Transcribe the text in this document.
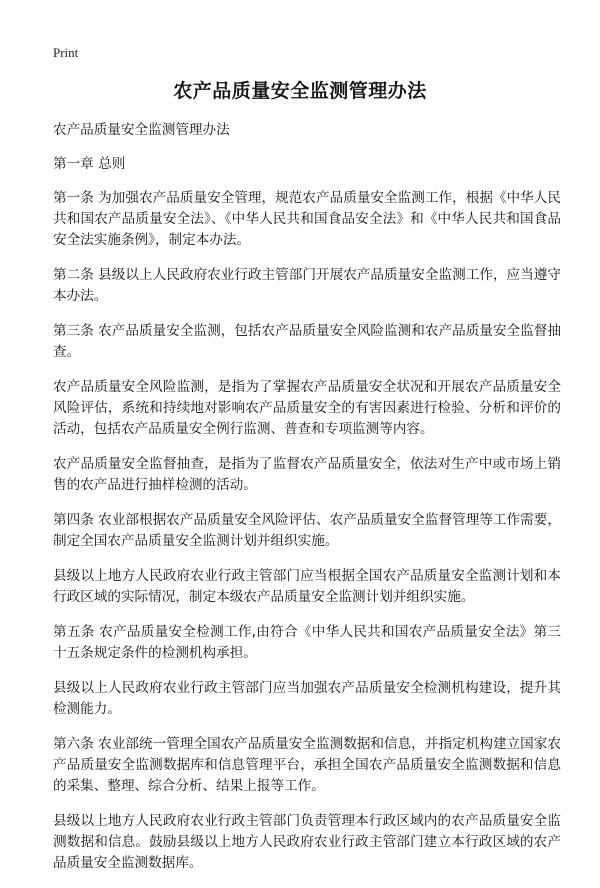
Print
农产品质量安全监测管理办法

农产品质量安全监测管理办法

第一章 总则

第一条 为加强农产品质量安全管理，规范农产品质量安全监测工作，根据《中华人民共和国农产品质量安全法》、《中华人民共和国食品安全法》和《中华人民共和国食品安全法实施条例》，制定本办法。

第二条 县级以上人民政府农业行政主管部门开展农产品质量安全监测工作，应当遵守本办法。

第三条 农产品质量安全监测，包括农产品质量安全风险监测和农产品质量安全监督抽查。

农产品质量安全风险监测，是指为了掌握农产品质量安全状况和开展农产品质量安全风险评估，系统和持续地对影响农产品质量安全的有害因素进行检验、分析和评价的活动，包括农产品质量安全例行监测、普查和专项监测等内容。

农产品质量安全监督抽查，是指为了监督农产品质量安全，依法对生产中或市场上销售的农产品进行抽样检测的活动。

第四条 农业部根据农产品质量安全风险评估、农产品质量安全监督管理等工作需要，制定全国农产品质量安全监测计划并组织实施。

县级以上地方人民政府农业行政主管部门应当根据全国农产品质量安全监测计划和本行政区域的实际情况，制定本级农产品质量安全监测计划并组织实施。

第五条 农产品质量安全检测工作,由符合《中华人民共和国农产品质量安全法》第三十五条规定条件的检测机构承担。

县级以上人民政府农业行政主管部门应当加强农产品质量安全检测机构建设，提升其检测能力。

第六条 农业部统一管理全国农产品质量安全监测数据和信息，并指定机构建立国家农产品质量安全监测数据库和信息管理平台，承担全国农产品质量安全监测数据和信息的采集、整理、综合分析、结果上报等工作。

县级以上地方人民政府农业行政主管部门负责管理本行政区域内的农产品质量安全监测数据和信息。鼓励县级以上地方人民政府农业行政主管部门建立本行政区域的农产品质量安全监测数据库。
